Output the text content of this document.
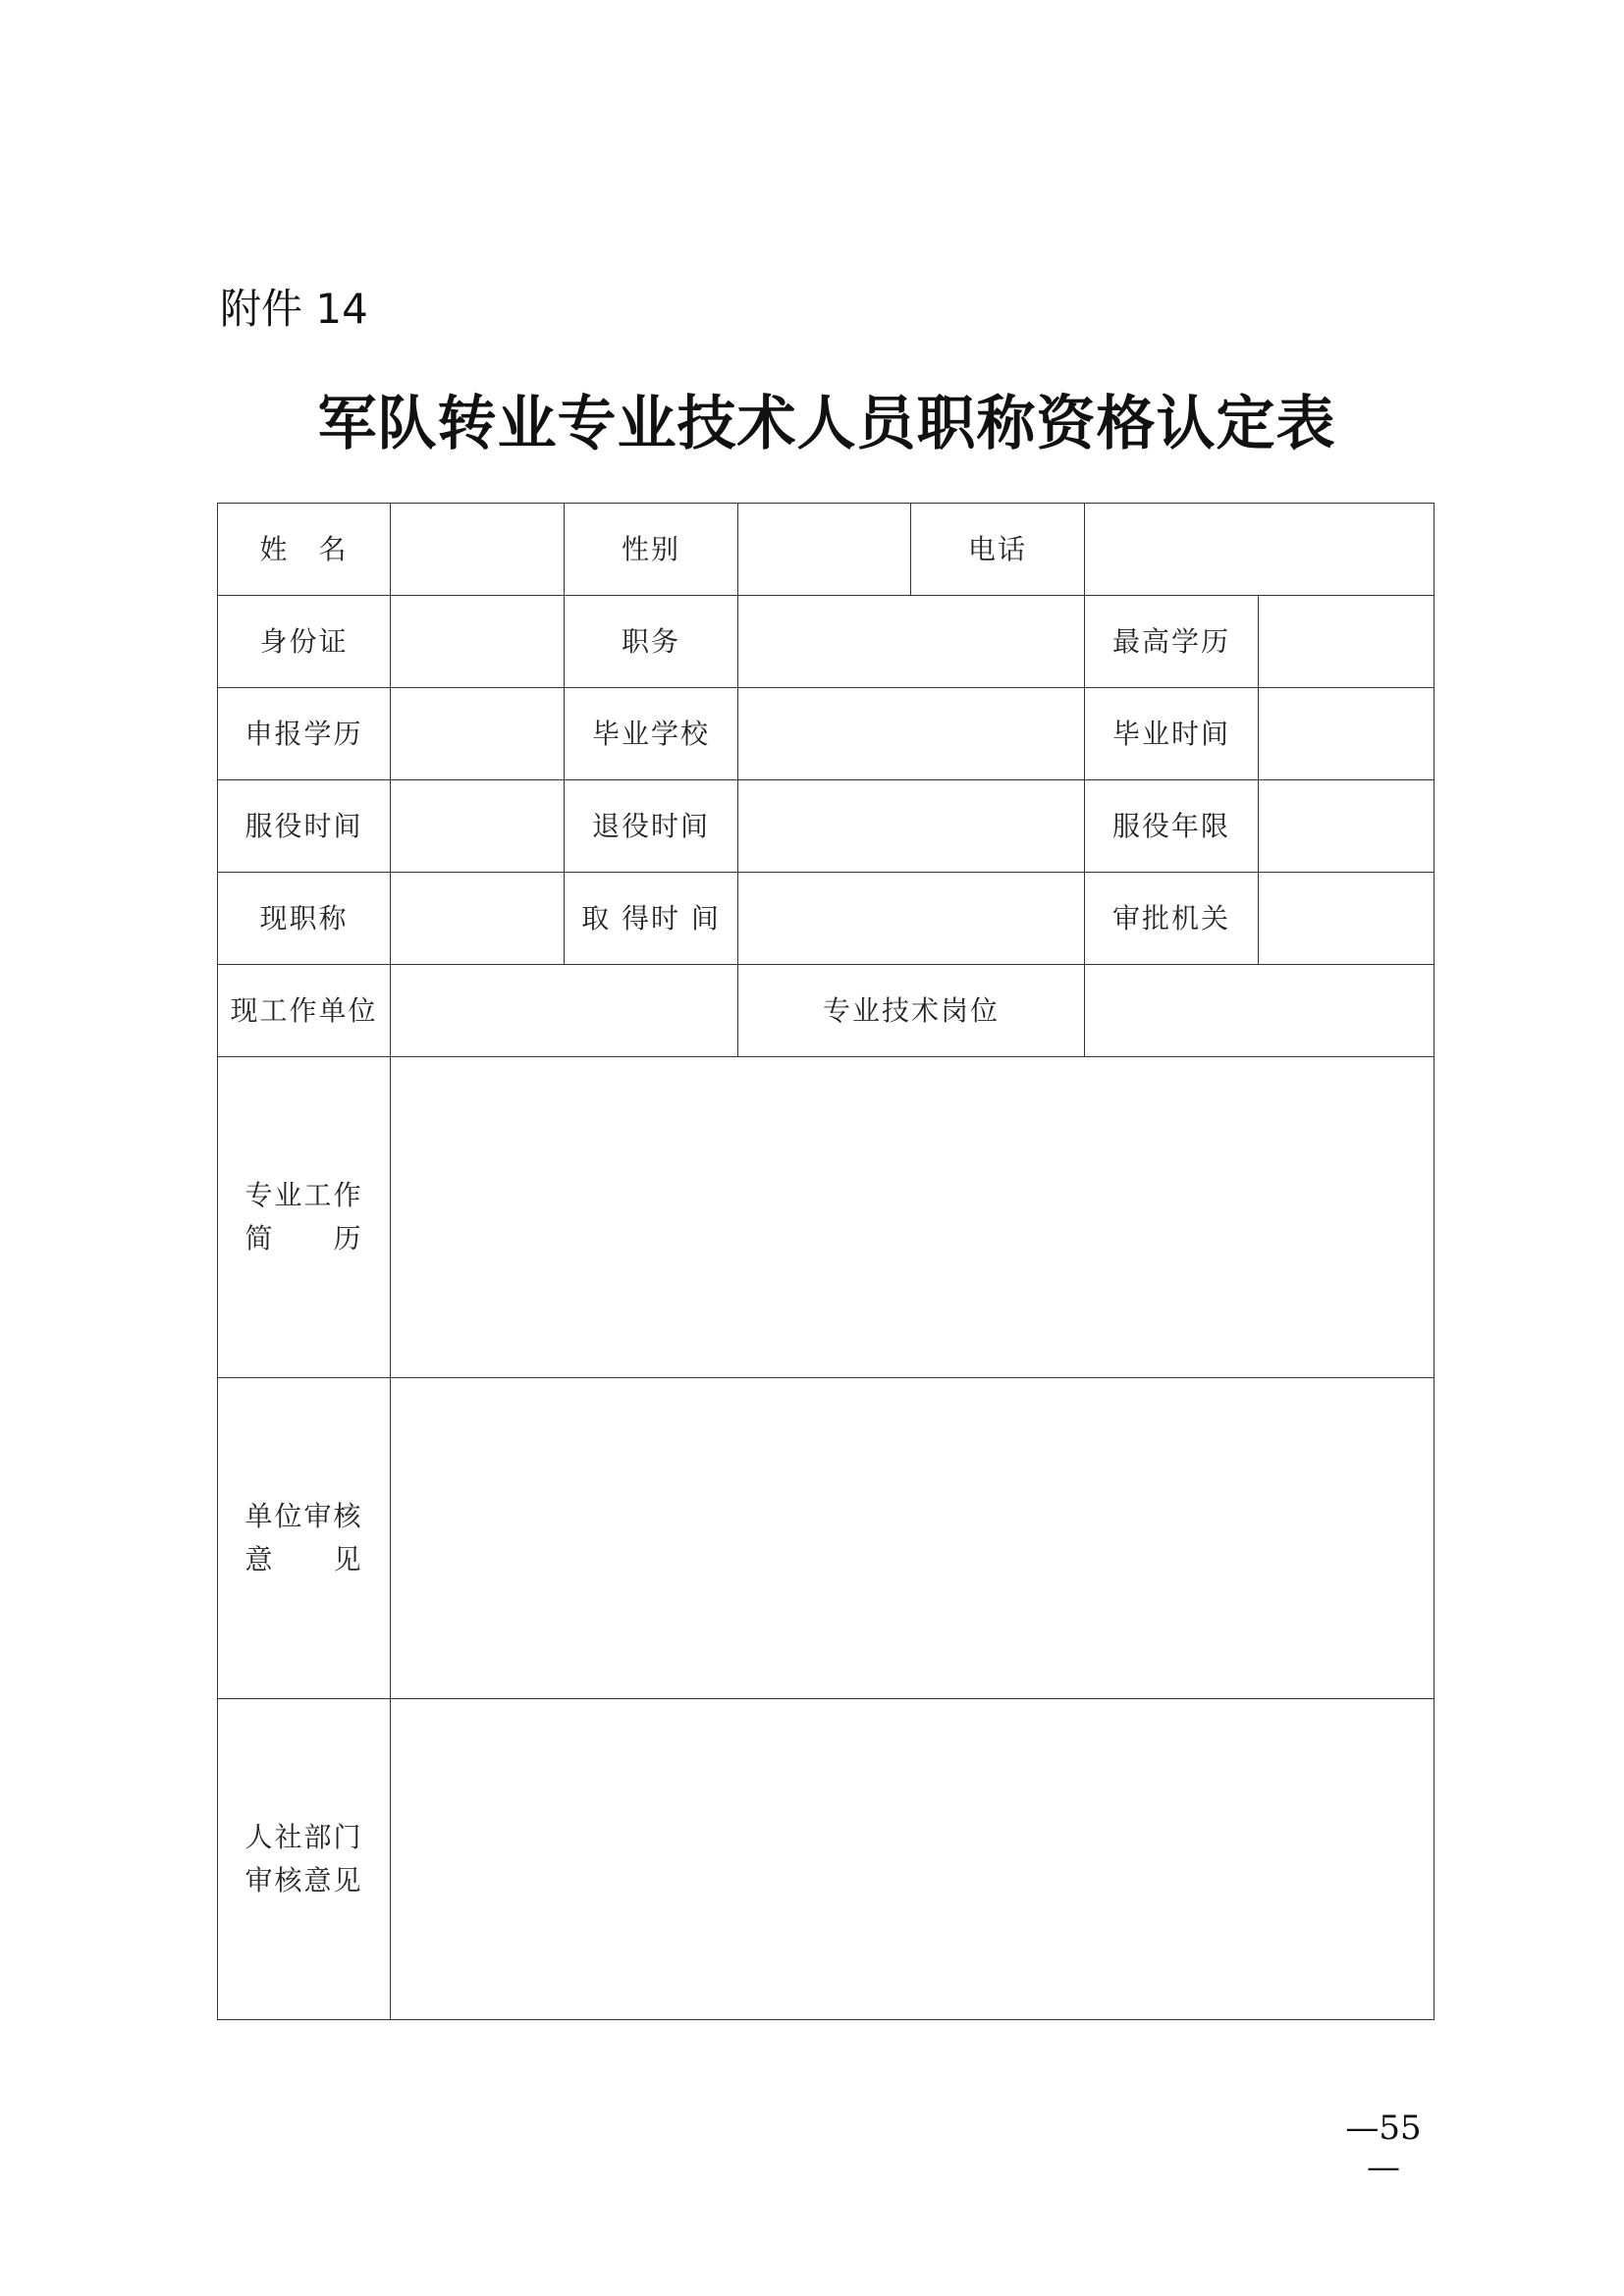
附件 14
军队转业专业技术人员职称资格认定表
姓　名		性别		电话		
身份证		职务			最高学历	
申报学历		毕业学校			毕业时间	
服役时间		退役时间			服役年限	
现职称		取 得时 间			审批机关	
现工作单位			专业技术岗位			

专业工作
简　　历						

单位审核
意　　见						

人社部门
审核意见						

—55—
